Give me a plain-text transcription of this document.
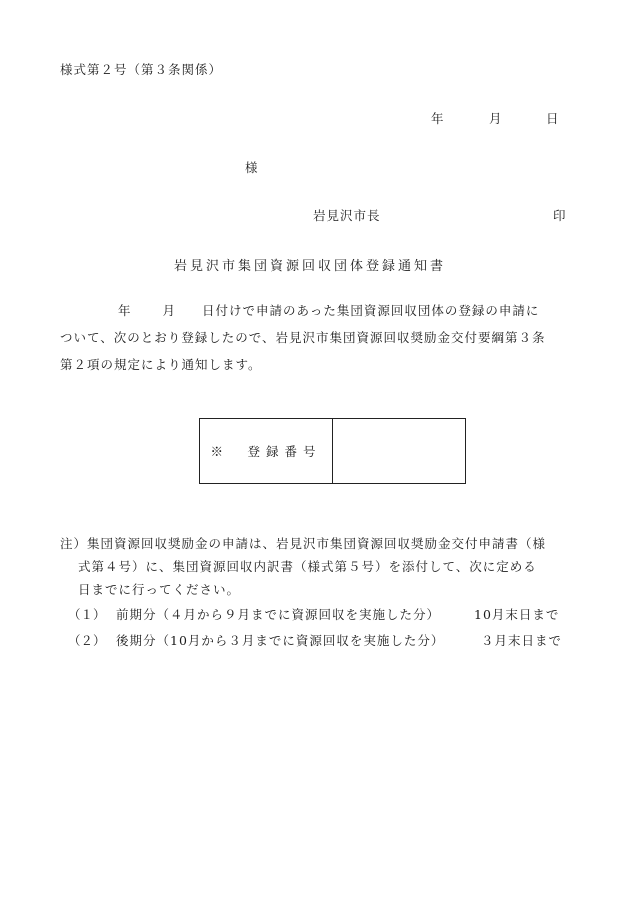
様式第２号（第３条関係）
年	月	日
様
岩見沢市長	印
岩見沢市集団資源回収団体登録通知書
年	月 日付けで申請のあった集団資源回収団体の登録の申請に
ついて、次のとおり登録したので、岩見沢市集団資源回収奨励金交付要綱第３条
第２項の規定により通知します。
※　登録番号
注）集団資源回収奨励金の申請は、岩見沢市集団資源回収奨励金交付申請書（様
式第４号）に、集団資源回収内訳書（様式第５号）を添付して、次に定める
日までに行ってください。
（１） 前期分（４月から９月までに資源回収を実施した分）	10月末日まで
（２） 後期分（10月から３月までに資源回収を実施した分）	３月末日まで
